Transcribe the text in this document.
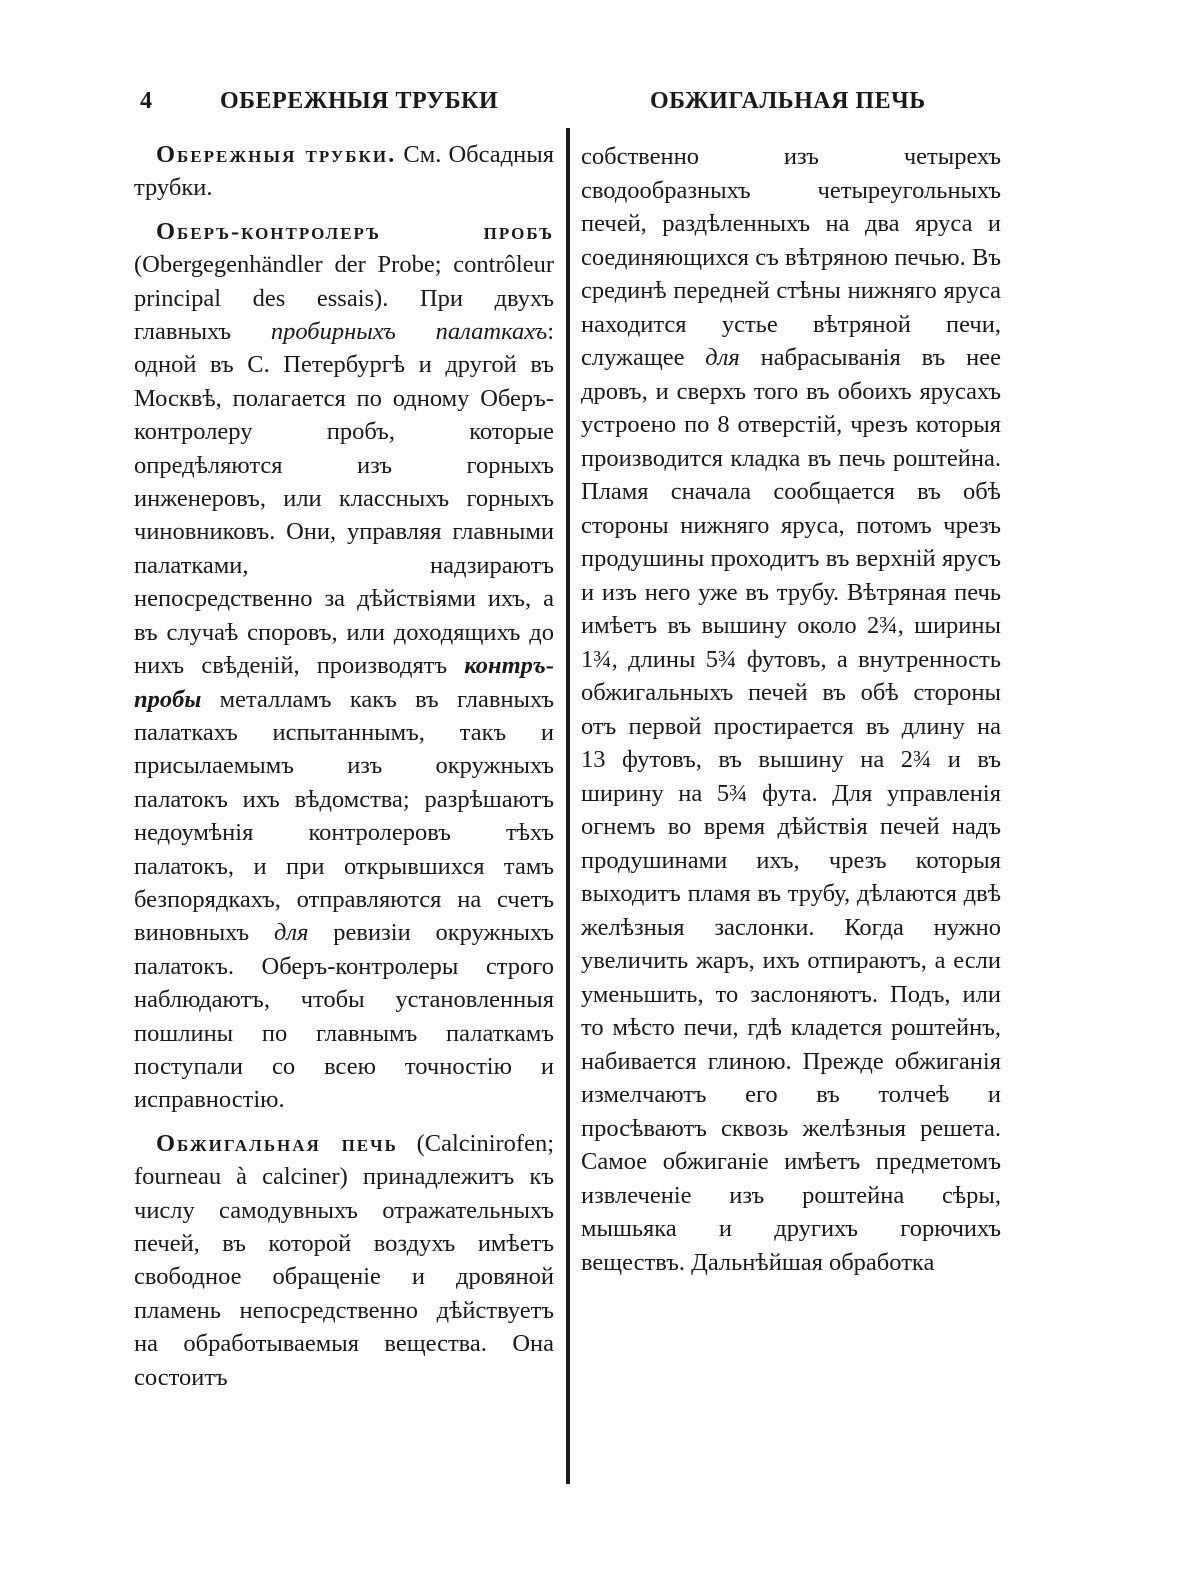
4	ОБЕРЕЖНЫЯ ТРУБКИ	ОБЖИГАЛЬНАЯ ПЕЧЬ

Обережныя трубки. См. Обсадныя трубки.

Оберъ-контролеръ пробъ (Obergegenhändler der Probe; contrôleur principal des essais). При двухъ главныхъ пробирныхъ палаткахъ: одной въ С. Петербургѣ и другой въ Москвѣ, полагается по одному Оберъ-контролеру пробъ, которые опредѣляются изъ горныхъ инженеровъ, или классныхъ горныхъ чиновниковъ. Они, управляя главными палатками, надзираютъ непосредственно за дѣйствіями ихъ, а въ случаѣ споровъ, или доходящихъ до нихъ свѣденій, производятъ контръ-пробы металламъ какъ въ главныхъ палаткахъ испытаннымъ, такъ и присылаемымъ изъ окружныхъ палатокъ ихъ вѣдомства; разрѣшаютъ недоумѣнія контролеровъ тѣхъ палатокъ, и при открывшихся тамъ безпорядкахъ, отправляются на счетъ виновныхъ для ревизіи окружныхъ палатокъ. Оберъ-контролеры строго наблюдаютъ, чтобы установленныя пошлины по главнымъ палаткамъ поступали со всею точностію и исправностію.

Обжигальная печь (Calcinirofen; fourneau à calciner) принадлежитъ къ числу самодувныхъ отражательныхъ печей, въ которой воздухъ имѣетъ свободное обращеніе и дровяной пламень непосредственно дѣйствуетъ на обработываемыя вещества. Она состоитъ

собственно изъ четырехъ сводообразныхъ четыреугольныхъ печей, раздѣленныхъ на два яруса и соединяющихся съ вѣтряною печью. Въ срединѣ передней стѣны нижняго яруса находится устье вѣтряной печи, служащее для набрасыванія въ нее дровъ, и сверхъ того въ обоихъ ярусахъ устроено по 8 отверстій, чрезъ которыя производится кладка въ печь роштейна. Пламя сначала сообщается въ обѣ стороны нижняго яруса, потомъ чрезъ продушины проходитъ въ верхній ярусъ и изъ него уже въ трубу. Вѣтряная печь имѣетъ въ вышину около 2¾, ширины 1¾, длины 5¾ футовъ, а внутренность обжигальныхъ печей въ обѣ стороны отъ первой простирается въ длину на 13 футовъ, въ вышину на 2¾ и въ ширину на 5¾ фута. Для управленія огнемъ во время дѣйствія печей надъ продушинами ихъ, чрезъ которыя выходитъ пламя въ трубу, дѣлаются двѣ желѣзныя заслонки. Когда нужно увеличить жаръ, ихъ отпираютъ, а если уменьшить, то заслоняютъ. Подъ, или то мѣсто печи, гдѣ кладется роштейнъ, набивается глиною. Прежде обжиганія измелчаютъ его въ толчеѣ и просѣваютъ сквозь желѣзныя решета. Самое обжиганіе имѣетъ предметомъ извлеченіе изъ роштейна сѣры, мышьяка и другихъ горючихъ веществъ. Дальнѣйшая обработка
